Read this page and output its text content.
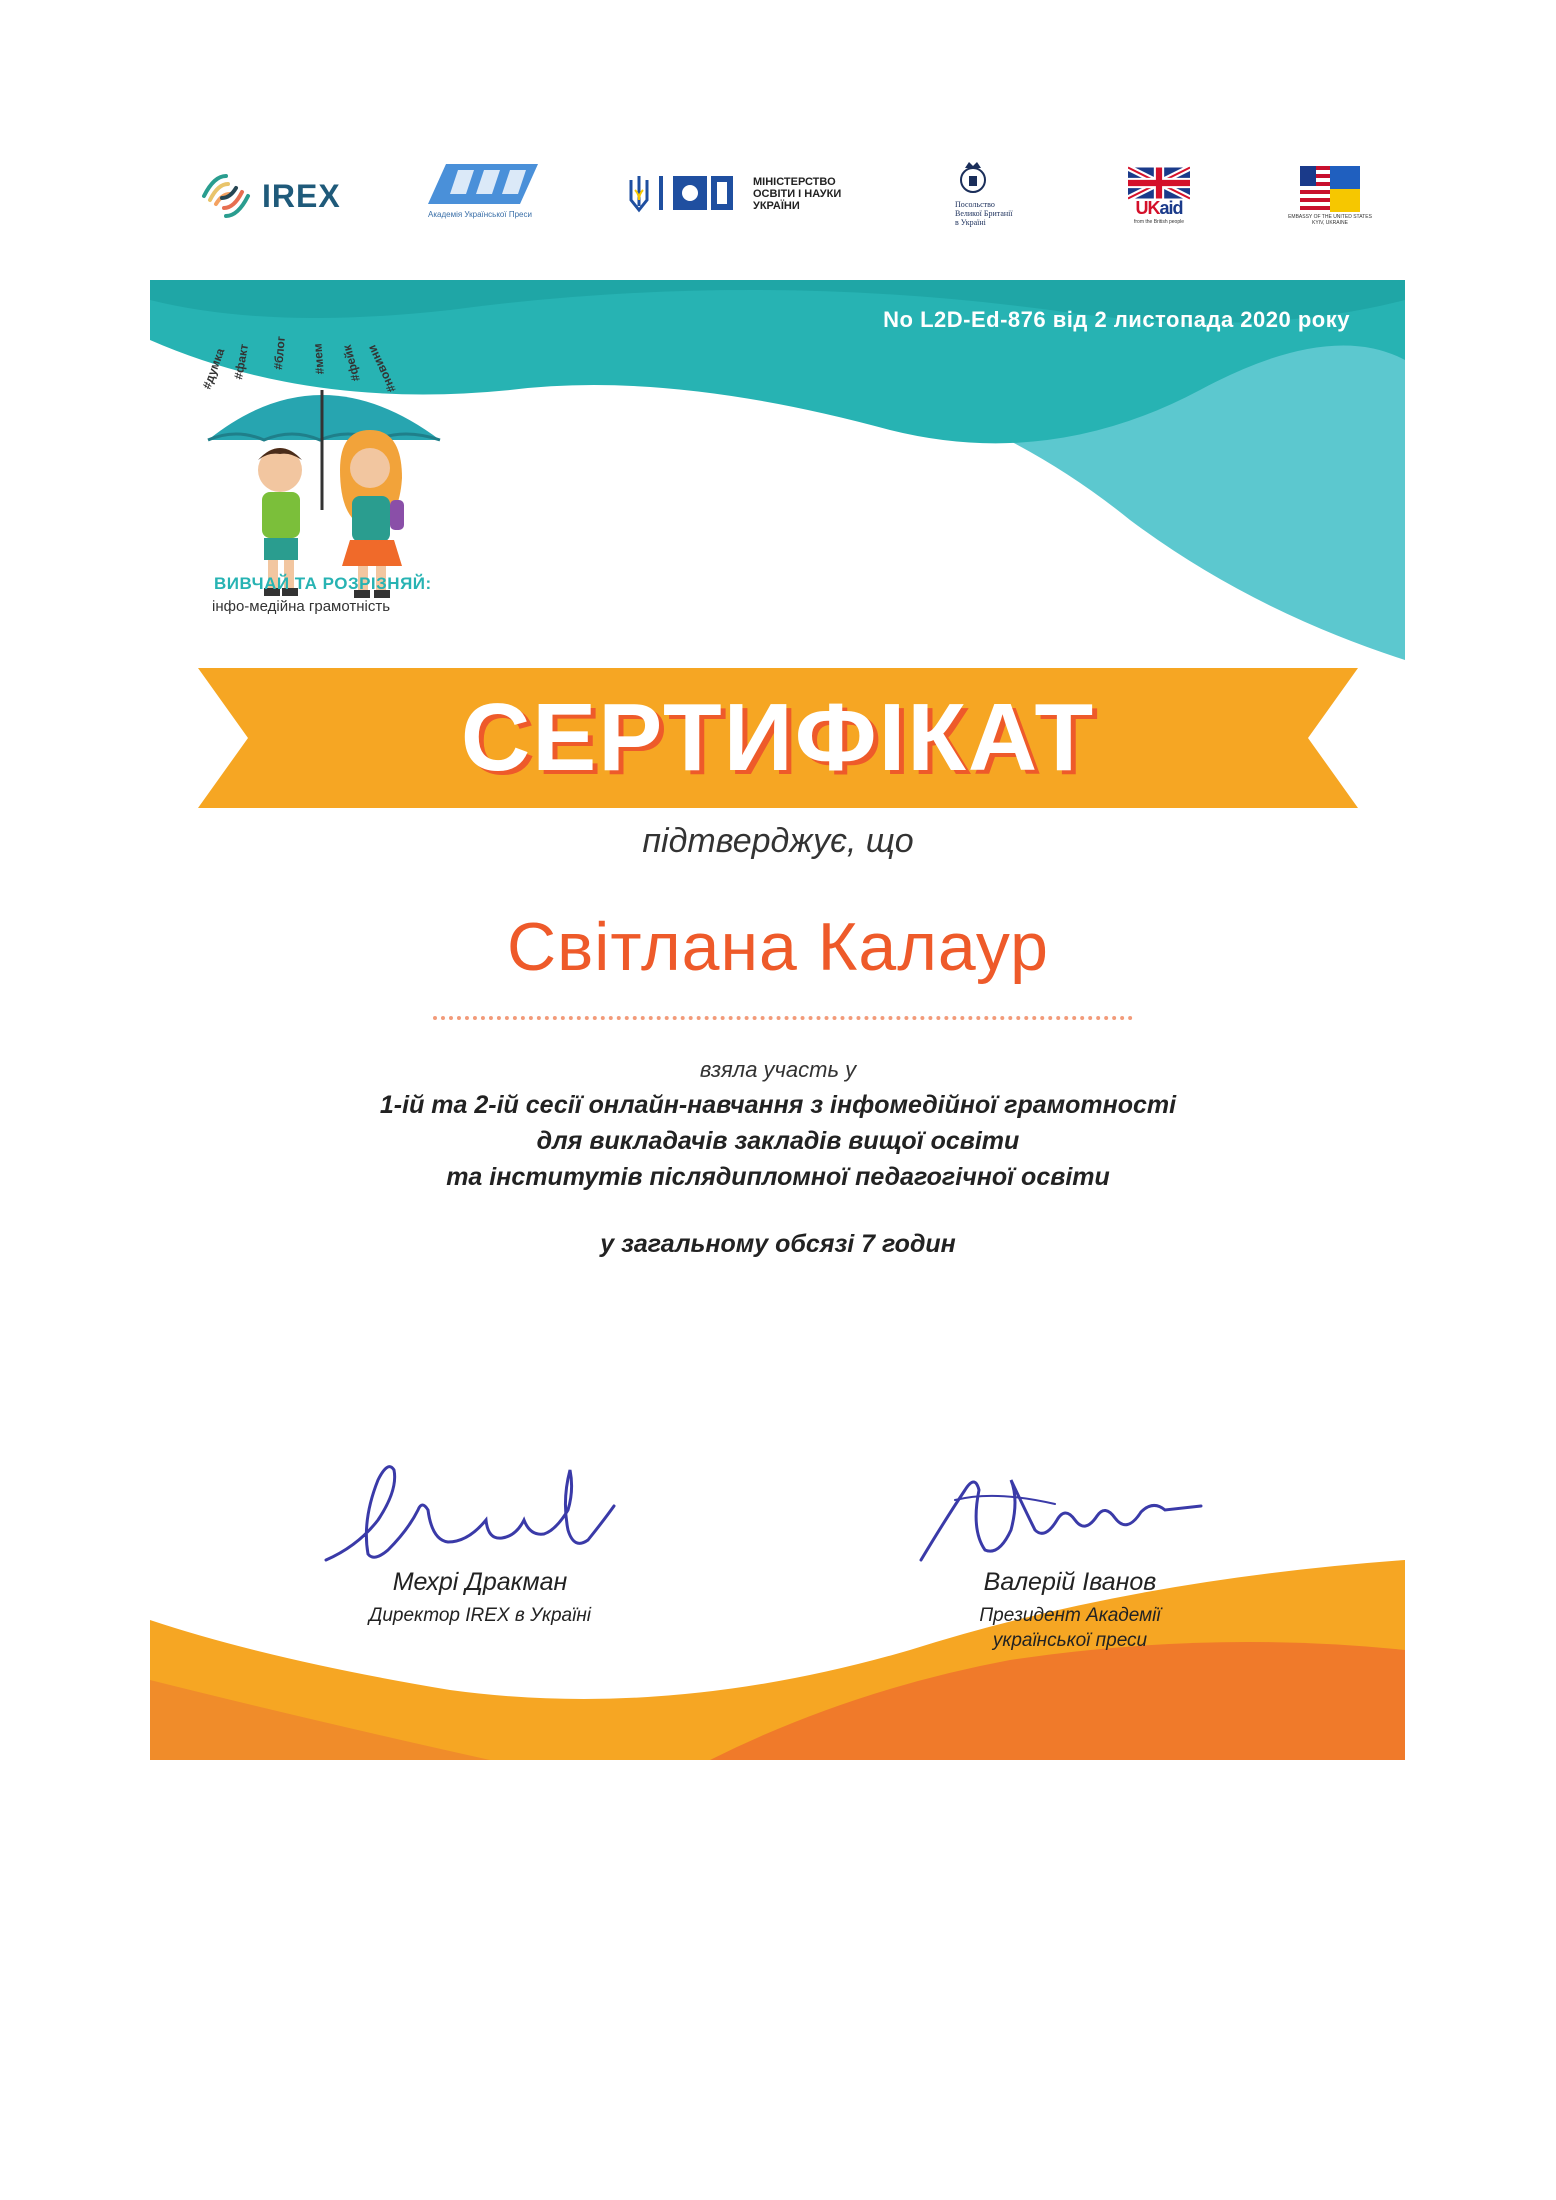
IREX
Академія Української Преси
МІНІСТЕРСТВО
ОСВІТИ І НАУКИ
УКРАЇНИ	Посольство
Великої Британії
в Україні
UKaid
from the British people
EMBASSY OF THE UNITED STATES KYIV, UKRAINE
No L2D-Ed-876 від 2 листопада 2020 року
#думка #факт #блог #мем #фейк #новини
ВИВЧАЙ ТА РОЗРІЗНЯЙ:
інфо-медійна грамотність
СЕРТИФІКАТ
підтверджує, що
Світлана Калаур
взяла участь у
1-ій та 2-ій сесії онлайн-навчання з інфомедійної грамотності
для викладачів закладів вищої освіти
та інститутів післядипломної педагогічної освіти
у загальному обсязі 7 годин
Мехрі Дракман
Директор IREX в Україні
Валерій Іванов
Президент Академії
української преси
